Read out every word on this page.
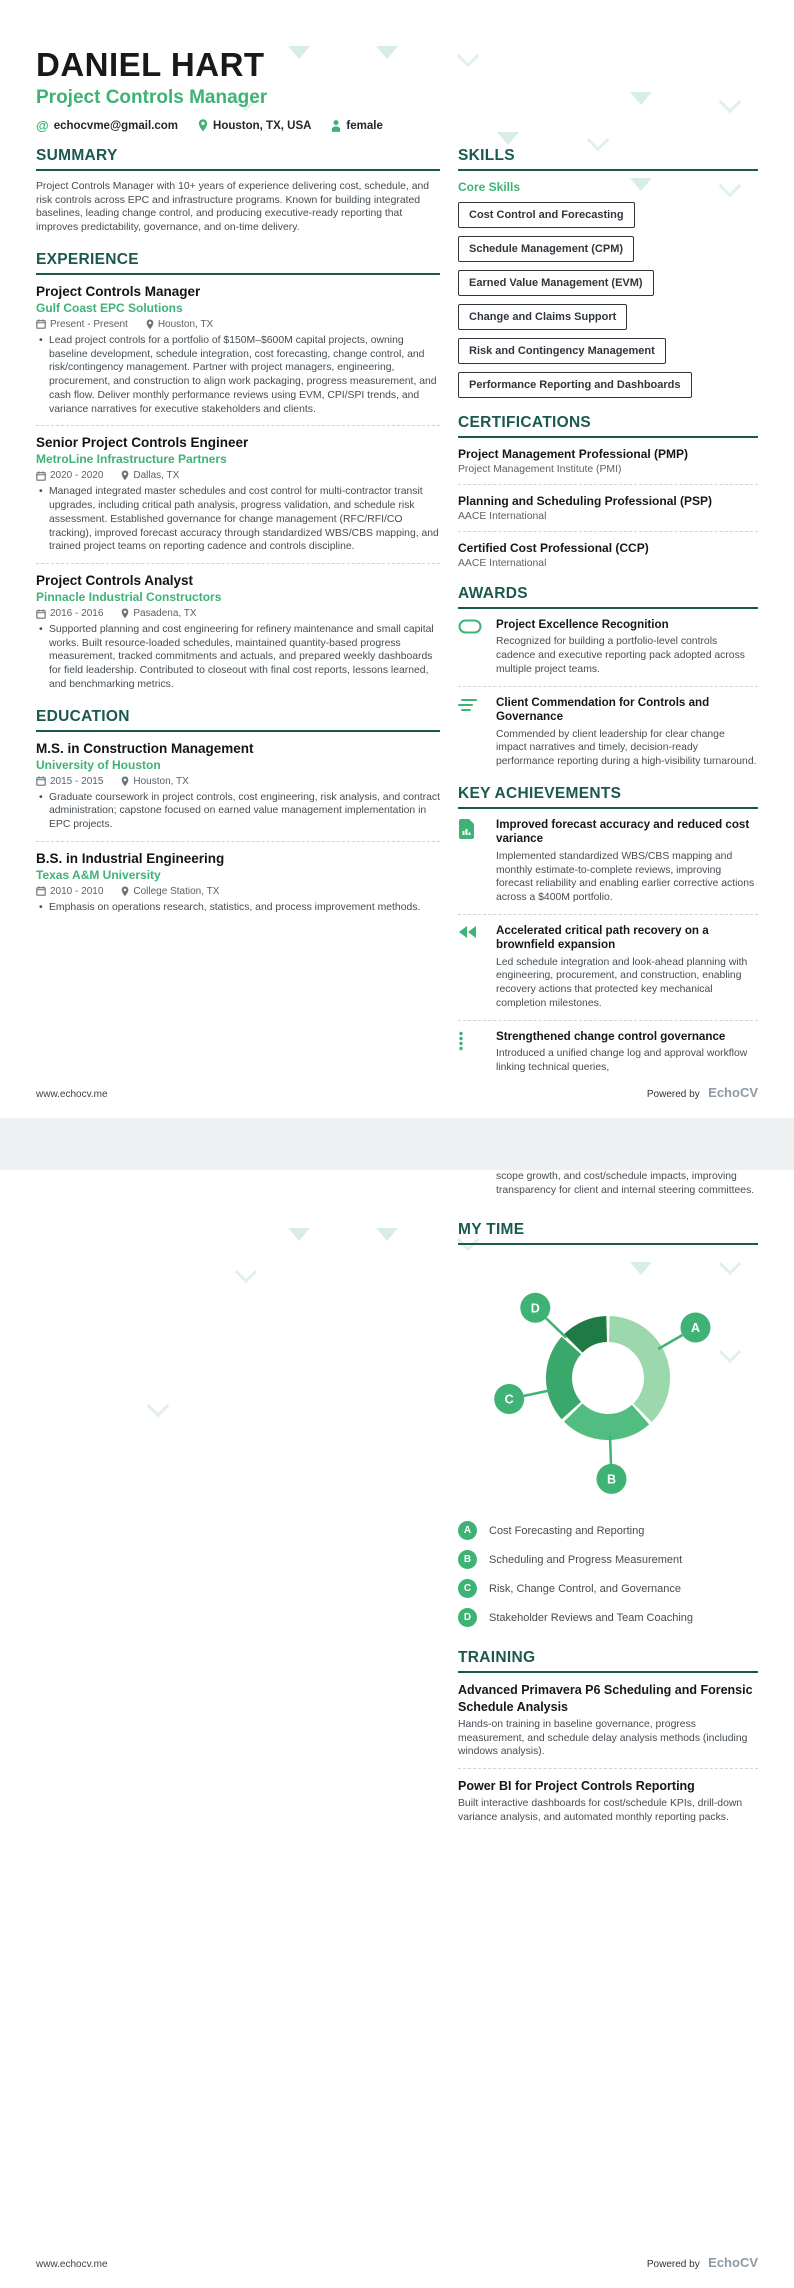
DANIEL HART
Project Controls Manager
@ echocvme@gmail.com	Houston, TX, USA	female
SUMMARY
Project Controls Manager with 10+ years of experience delivering cost, schedule, and risk controls across EPC and infrastructure programs. Known for building integrated baselines, leading change control, and producing executive-ready reporting that improves predictability, governance, and on-time delivery.
EXPERIENCE
Project Controls Manager
Gulf Coast EPC Solutions
Present - Present	Houston, TX
• Lead project controls for a portfolio of $150M–$600M capital projects, owning baseline development, schedule integration, cost forecasting, change control, and risk/contingency management. Partner with project managers, engineering, procurement, and construction to align work packaging, progress measurement, and cash flow. Deliver monthly performance reviews using EVM, CPI/SPI trends, and variance narratives for executive stakeholders and clients.
Senior Project Controls Engineer
MetroLine Infrastructure Partners
2020 - 2020	Dallas, TX
• Managed integrated master schedules and cost control for multi-contractor transit upgrades, including critical path analysis, progress validation, and schedule risk assessment. Established governance for change management (RFC/RFI/CO tracking), improved forecast accuracy through standardized WBS/CBS mapping, and trained project teams on reporting cadence and controls discipline.
Project Controls Analyst
Pinnacle Industrial Constructors
2016 - 2016	Pasadena, TX
• Supported planning and cost engineering for refinery maintenance and small capital works. Built resource-loaded schedules, maintained quantity-based progress measurement, tracked commitments and actuals, and prepared weekly dashboards for field leadership. Contributed to closeout with final cost reports, lessons learned, and benchmarking metrics.
EDUCATION
M.S. in Construction Management
University of Houston
2015 - 2015	Houston, TX
• Graduate coursework in project controls, cost engineering, risk analysis, and contract administration; capstone focused on earned value management implementation in EPC projects.
B.S. in Industrial Engineering
Texas A&M University
2010 - 2010	College Station, TX
• Emphasis on operations research, statistics, and process improvement methods.
SKILLS
Core Skills
Cost Control and Forecasting
Schedule Management (CPM)
Earned Value Management (EVM)
Change and Claims Support
Risk and Contingency Management
Performance Reporting and Dashboards
CERTIFICATIONS
Project Management Professional (PMP)
Project Management Institute (PMI)
Planning and Scheduling Professional (PSP)
AACE International
Certified Cost Professional (CCP)
AACE International
AWARDS
Project Excellence Recognition
Recognized for building a portfolio-level controls cadence and executive reporting pack adopted across multiple project teams.
Client Commendation for Controls and Governance
Commended by client leadership for clear change impact narratives and timely, decision-ready performance reporting during a high-visibility turnaround.
KEY ACHIEVEMENTS
Improved forecast accuracy and reduced cost variance
Implemented standardized WBS/CBS mapping and monthly estimate-to-complete reviews, improving forecast reliability and enabling earlier corrective actions across a $400M portfolio.
Accelerated critical path recovery on a brownfield expansion
Led schedule integration and look-ahead planning with engineering, procurement, and construction, enabling recovery actions that protected key mechanical completion milestones.
Strengthened change control governance
Introduced a unified change log and approval workflow linking technical queries,
www.echocv.me	Powered by EchoCV
scope growth, and cost/schedule impacts, improving transparency for client and internal steering committees.
MY TIME
A
B
C
D
A	Cost Forecasting and Reporting
B	Scheduling and Progress Measurement
C	Risk, Change Control, and Governance
D	Stakeholder Reviews and Team Coaching
TRAINING
Advanced Primavera P6 Scheduling and Forensic Schedule Analysis
Hands-on training in baseline governance, progress measurement, and schedule delay analysis methods (including windows analysis).
Power BI for Project Controls Reporting
Built interactive dashboards for cost/schedule KPIs, drill-down variance analysis, and automated monthly reporting packs.
www.echocv.me	Powered by EchoCV
